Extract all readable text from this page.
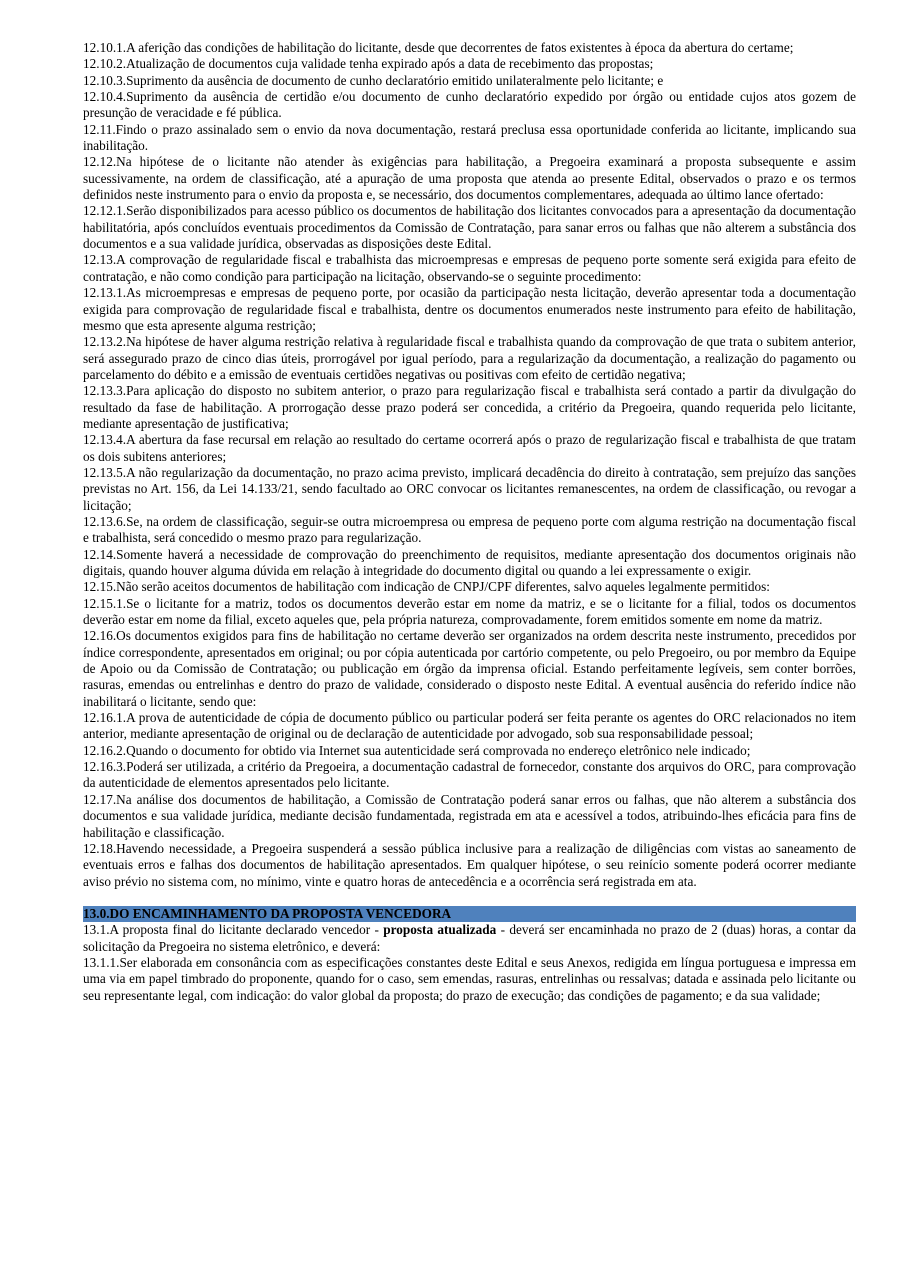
12.10.1.A aferição das condições de habilitação do licitante, desde que decorrentes de fatos existentes à época da abertura do certame;

12.10.2.Atualização de documentos cuja validade tenha expirado após a data de recebimento das propostas;

12.10.3.Suprimento da ausência de documento de cunho declaratório emitido unilateralmente pelo licitante; e

12.10.4.Suprimento da ausência de certidão e/ou documento de cunho declaratório expedido por órgão ou entidade cujos atos gozem de presunção de veracidade e fé pública.

12.11.Findo o prazo assinalado sem o envio da nova documentação, restará preclusa essa oportunidade conferida ao licitante, implicando sua inabilitação.

12.12.Na hipótese de o licitante não atender às exigências para habilitação, a Pregoeira examinará a proposta subsequente e assim sucessivamente, na ordem de classificação, até a apuração de uma proposta que atenda ao presente Edital, observados o prazo e os termos definidos neste instrumento para o envio da proposta e, se necessário, dos documentos complementares, adequada ao último lance ofertado:

12.12.1.Serão disponibilizados para acesso público os documentos de habilitação dos licitantes convocados para a apresentação da documentação habilitatória, após concluídos eventuais procedimentos da Comissão de Contratação, para sanar erros ou falhas que não alterem a substância dos documentos e a sua validade jurídica, observadas as disposições deste Edital.

12.13.A comprovação de regularidade fiscal e trabalhista das microempresas e empresas de pequeno porte somente será exigida para efeito de contratação, e não como condição para participação na licitação, observando-se o seguinte procedimento:

12.13.1.As microempresas e empresas de pequeno porte, por ocasião da participação nesta licitação, deverão apresentar toda a documentação exigida para comprovação de regularidade fiscal e trabalhista, dentre os documentos enumerados neste instrumento para efeito de habilitação, mesmo que esta apresente alguma restrição;

12.13.2.Na hipótese de haver alguma restrição relativa à regularidade fiscal e trabalhista quando da comprovação de que trata o subitem anterior, será assegurado prazo de cinco dias úteis, prorrogável por igual período, para a regularização da documentação, a realização do pagamento ou parcelamento do débito e a emissão de eventuais certidões negativas ou positivas com efeito de certidão negativa;

12.13.3.Para aplicação do disposto no subitem anterior, o prazo para regularização fiscal e trabalhista será contado a partir da divulgação do resultado da fase de habilitação. A prorrogação desse prazo poderá ser concedida, a critério da Pregoeira, quando requerida pelo licitante, mediante apresentação de justificativa;

12.13.4.A abertura da fase recursal em relação ao resultado do certame ocorrerá após o prazo de regularização fiscal e trabalhista de que tratam os dois subitens anteriores;

12.13.5.A não regularização da documentação, no prazo acima previsto, implicará decadência do direito à contratação, sem prejuízo das sanções previstas no Art. 156, da Lei 14.133/21, sendo facultado ao ORC convocar os licitantes remanescentes, na ordem de classificação, ou revogar a licitação;

12.13.6.Se, na ordem de classificação, seguir-se outra microempresa ou empresa de pequeno porte com alguma restrição na documentação fiscal e trabalhista, será concedido o mesmo prazo para regularização.

12.14.Somente haverá a necessidade de comprovação do preenchimento de requisitos, mediante apresentação dos documentos originais não digitais, quando houver alguma dúvida em relação à integridade do documento digital ou quando a lei expressamente o exigir.

12.15.Não serão aceitos documentos de habilitação com indicação de CNPJ/CPF diferentes, salvo aqueles legalmente permitidos:

12.15.1.Se o licitante for a matriz, todos os documentos deverão estar em nome da matriz, e se o licitante for a filial, todos os documentos deverão estar em nome da filial, exceto aqueles que, pela própria natureza, comprovadamente, forem emitidos somente em nome da matriz.

12.16.Os documentos exigidos para fins de habilitação no certame deverão ser organizados na ordem descrita neste instrumento, precedidos por índice correspondente, apresentados em original; ou por cópia autenticada por cartório competente, ou pelo Pregoeiro, ou por membro da Equipe de Apoio ou da Comissão de Contratação; ou publicação em órgão da imprensa oficial. Estando perfeitamente legíveis, sem conter borrões, rasuras, emendas ou entrelinhas e dentro do prazo de validade, considerado o disposto neste Edital. A eventual ausência do referido índice não inabilitará o licitante, sendo que:

12.16.1.A prova de autenticidade de cópia de documento público ou particular poderá ser feita perante os agentes do ORC relacionados no item anterior, mediante apresentação de original ou de declaração de autenticidade por advogado, sob sua responsabilidade pessoal;

12.16.2.Quando o documento for obtido via Internet sua autenticidade será comprovada no endereço eletrônico nele indicado;

12.16.3.Poderá ser utilizada, a critério da Pregoeira, a documentação cadastral de fornecedor, constante dos arquivos do ORC, para comprovação da autenticidade de elementos apresentados pelo licitante.

12.17.Na análise dos documentos de habilitação, a Comissão de Contratação poderá sanar erros ou falhas, que não alterem a substância dos documentos e sua validade jurídica, mediante decisão fundamentada, registrada em ata e acessível a todos, atribuindo-lhes eficácia para fins de habilitação e classificação.

12.18.Havendo necessidade, a Pregoeira suspenderá a sessão pública inclusive para a realização de diligências com vistas ao saneamento de eventuais erros e falhas dos documentos de habilitação apresentados. Em qualquer hipótese, o seu reinício somente poderá ocorrer mediante aviso prévio no sistema com, no mínimo, vinte e quatro horas de antecedência e a ocorrência será registrada em ata.

13.0.DO ENCAMINHAMENTO DA PROPOSTA VENCEDORA

13.1.A proposta final do licitante declarado vencedor - proposta atualizada - deverá ser encaminhada no prazo de 2 (duas) horas, a contar da solicitação da Pregoeira no sistema eletrônico, e deverá:

13.1.1.Ser elaborada em consonância com as especificações constantes deste Edital e seus Anexos, redigida em língua portuguesa e impressa em uma via em papel timbrado do proponente, quando for o caso, sem emendas, rasuras, entrelinhas ou ressalvas; datada e assinada pelo licitante ou seu representante legal, com indicação: do valor global da proposta; do prazo de execução; das condições de pagamento; e da sua validade;
